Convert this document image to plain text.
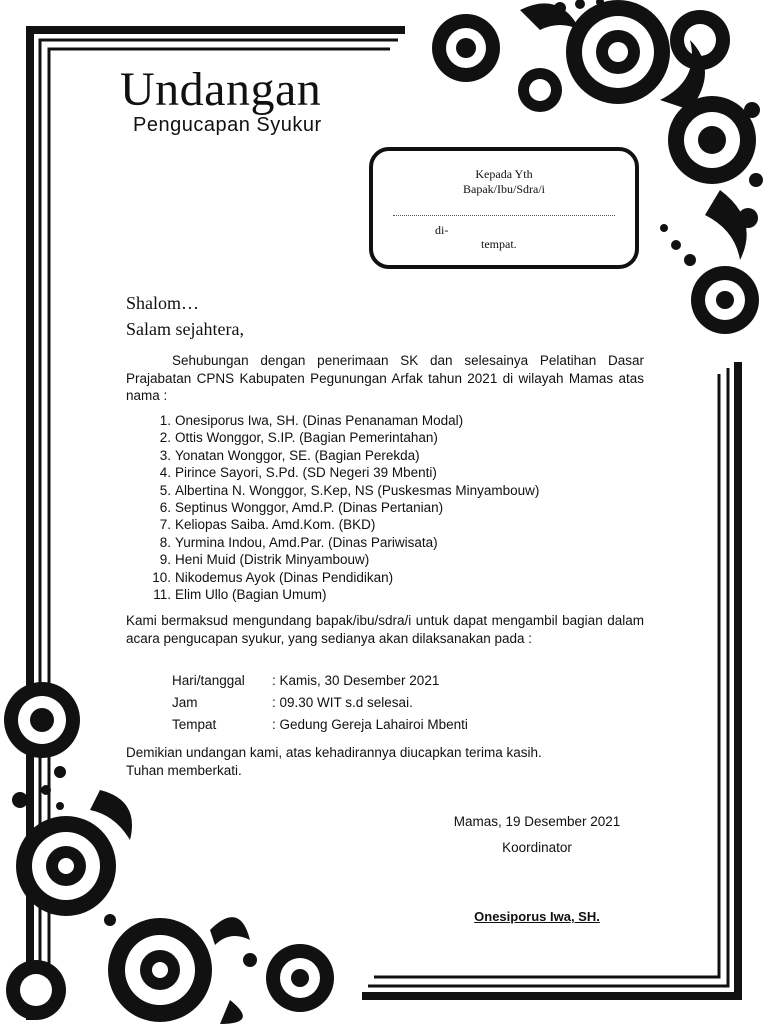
Undangan
Pengucapan Syukur
Kepada Yth
Bapak/Ibu/Sdra/i
di-
tempat.
Shalom…
Salam sejahtera,
Sehubungan dengan penerimaan SK dan selesainya Pelatihan Dasar Prajabatan CPNS Kabupaten Pegunungan Arfak tahun 2021 di wilayah Mamas atas nama :
1. Onesiporus Iwa, SH. (Dinas Penanaman Modal)
2. Ottis Wonggor, S.IP. (Bagian Pemerintahan)
3. Yonatan Wonggor, SE. (Bagian Perekda)
4. Pirince Sayori, S.Pd. (SD Negeri 39 Mbenti)
5. Albertina N. Wonggor, S.Kep, NS (Puskesmas Minyambouw)
6. Septinus Wonggor, Amd.P. (Dinas Pertanian)
7. Keliopas Saiba. Amd.Kom. (BKD)
8. Yurmina Indou, Amd.Par. (Dinas Pariwisata)
9. Heni Muid (Distrik Minyambouw)
10. Nikodemus Ayok (Dinas Pendidikan)
11. Elim Ullo (Bagian Umum)
Kami bermaksud mengundang bapak/ibu/sdra/i untuk dapat mengambil bagian dalam acara pengucapan syukur, yang sedianya akan dilaksanakan pada :
Hari/tanggal : Kamis, 30 Desember 2021
Jam	: 09.30 WIT s.d selesai.
Tempat	: Gedung Gereja Lahairoi Mbenti
Demikian undangan kami, atas kehadirannya diucapkan terima kasih.
Tuhan memberkati.
Mamas, 19 Desember 2021
Koordinator
Onesiporus Iwa, SH.
